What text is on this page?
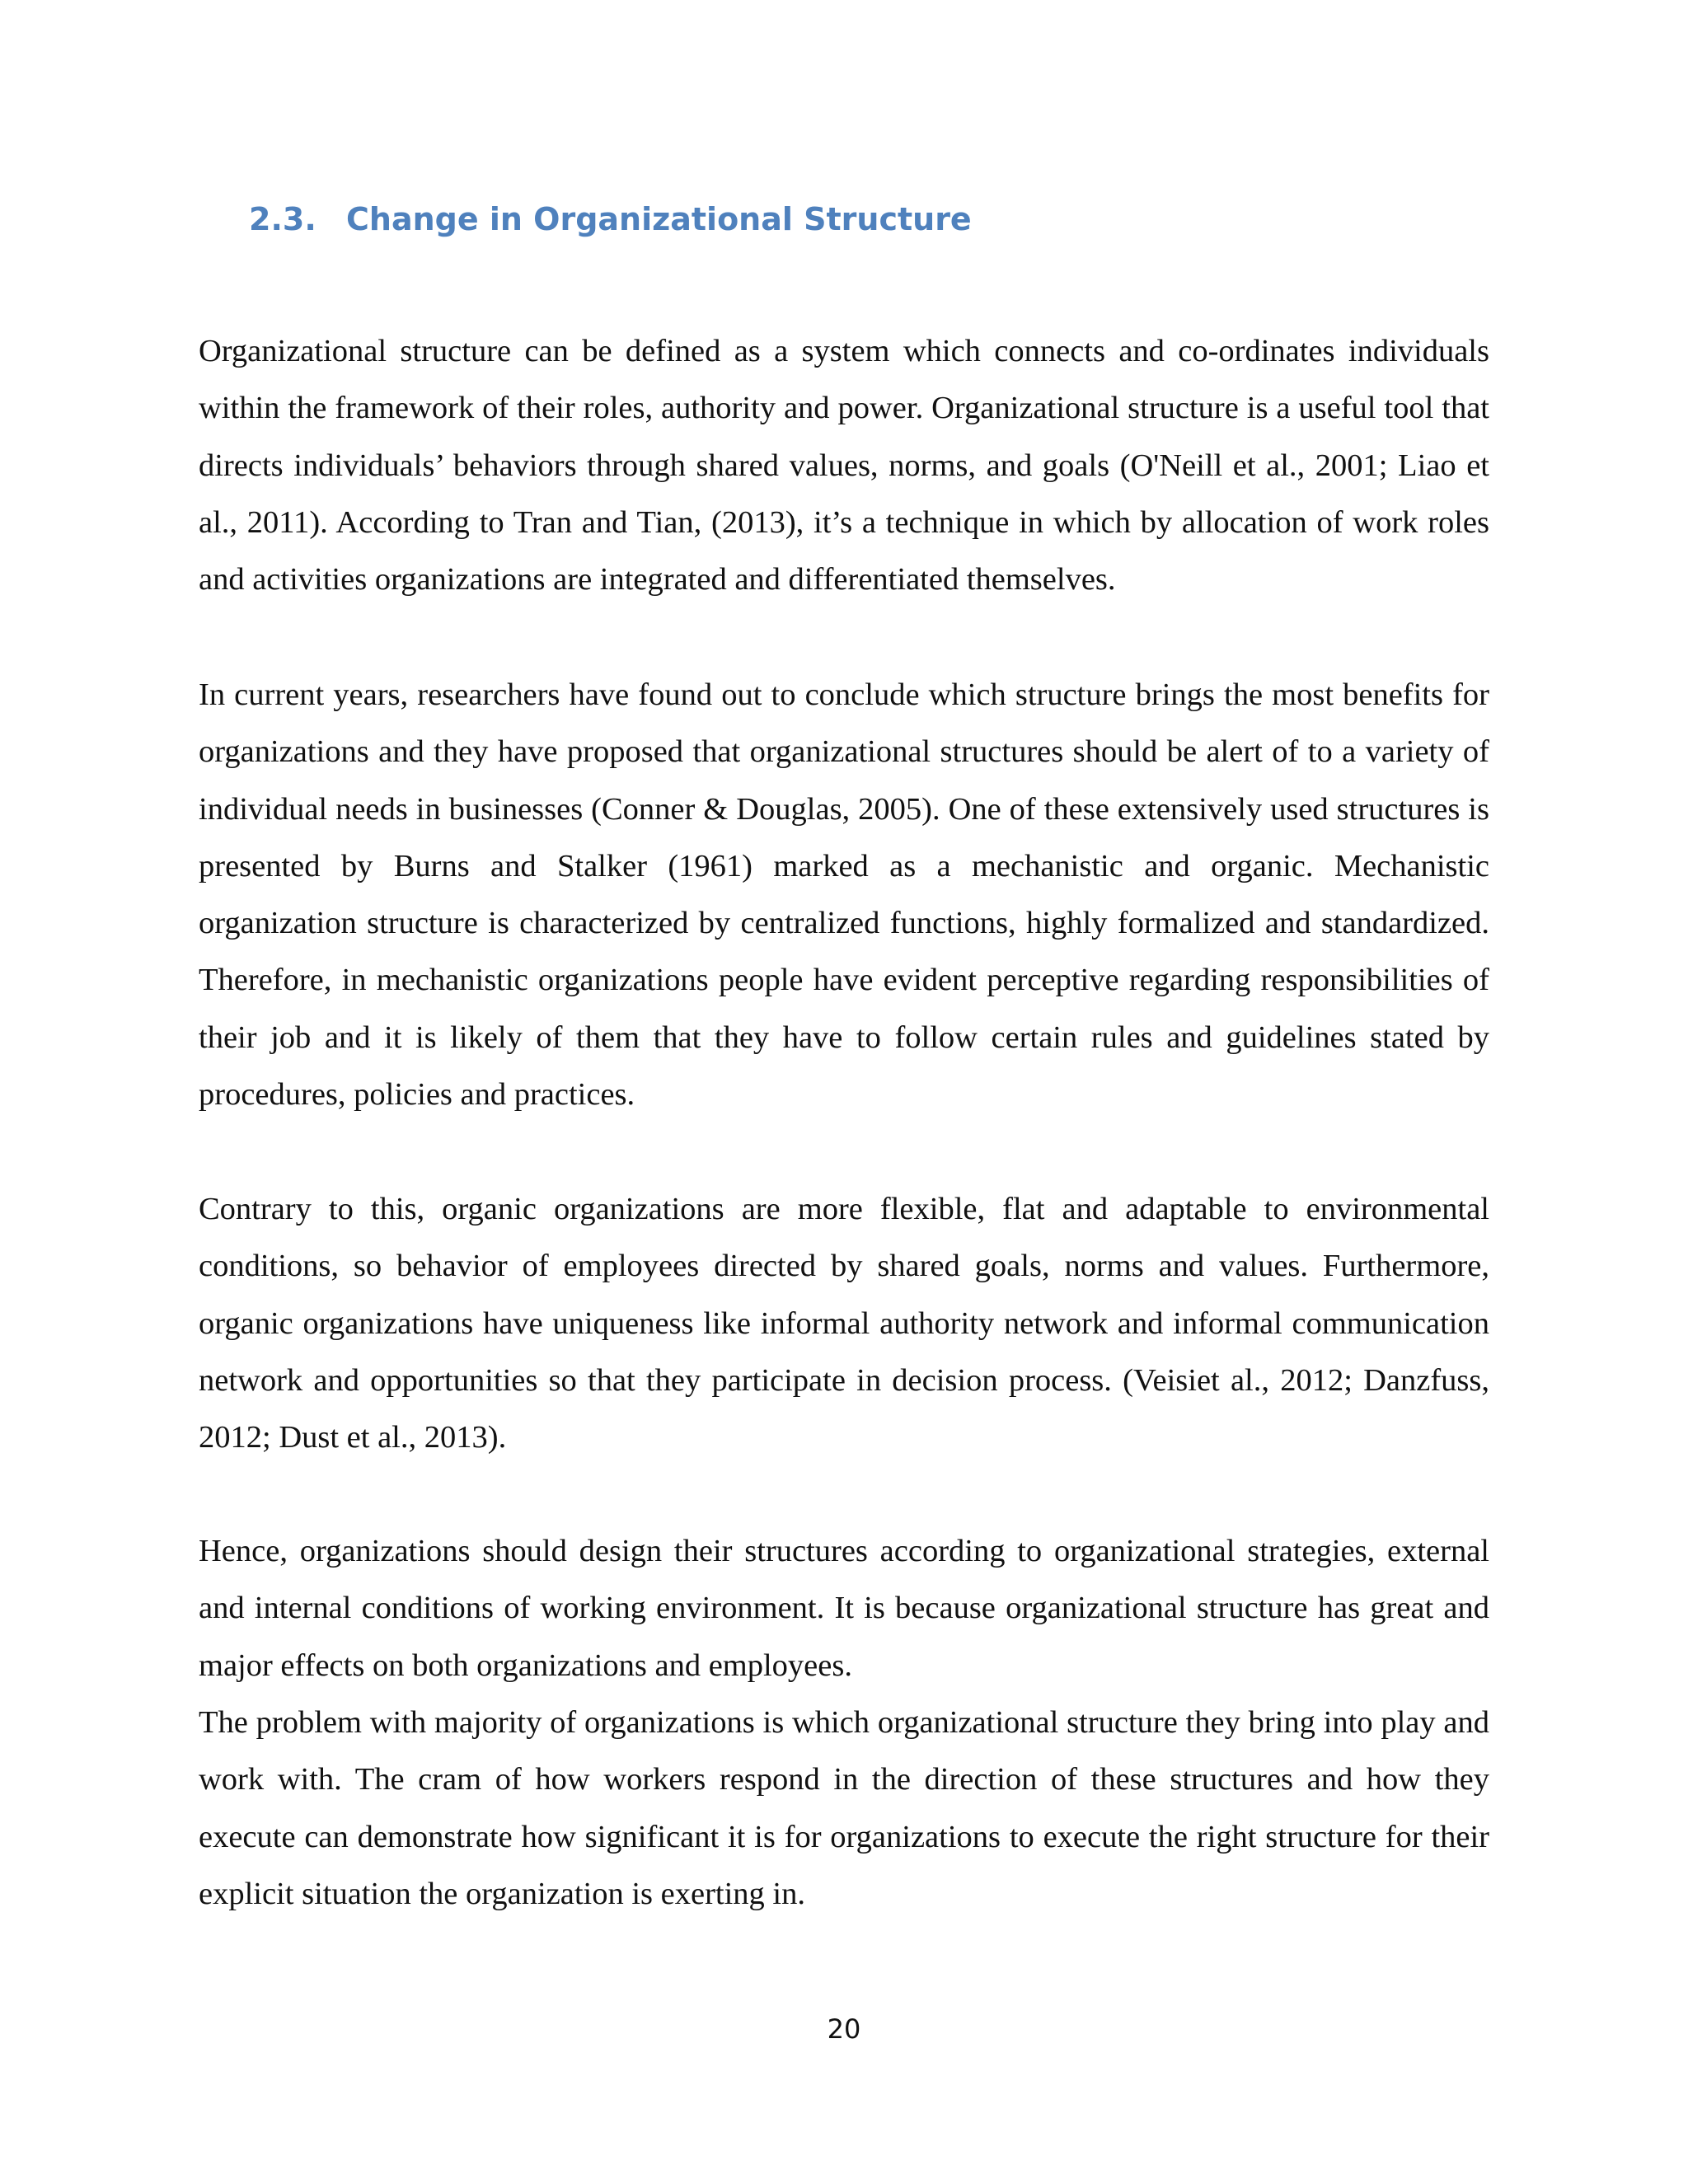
2.3. Change in Organizational Structure

Organizational structure can be defined as a system which connects and co-ordinates individuals within the framework of their roles, authority and power. Organizational structure is a useful tool that directs individuals’ behaviors through shared values, norms, and goals (O'Neill et al., 2001; Liao et al., 2011). According to Tran and Tian, (2013), it’s a technique in which by allocation of work roles and activities organizations are integrated and differentiated themselves.

In current years, researchers have found out to conclude which structure brings the most benefits for organizations and they have proposed that organizational structures should be alert of to a variety of individual needs in businesses (Conner & Douglas, 2005). One of these extensively used structures is presented by Burns and Stalker (1961) marked as a mechanistic and organic. Mechanistic organization structure is characterized by centralized functions, highly formalized and standardized. Therefore, in mechanistic organizations people have evident perceptive regarding responsibilities of their job and it is likely of them that they have to follow certain rules and guidelines stated by procedures, policies and practices.

Contrary to this, organic organizations are more flexible, flat and adaptable to environmental conditions, so behavior of employees directed by shared goals, norms and values. Furthermore, organic organizations have uniqueness like informal authority network and informal communication network and opportunities so that they participate in decision process. (Veisiet al., 2012; Danzfuss, 2012; Dust et al., 2013).

Hence, organizations should design their structures according to organizational strategies, external and internal conditions of working environment. It is because organizational structure has great and major effects on both organizations and employees.

The problem with majority of organizations is which organizational structure they bring into play and work with. The cram of how workers respond in the direction of these structures and how they execute can demonstrate how significant it is for organizations to execute the right structure for their explicit situation the organization is exerting in.

20
